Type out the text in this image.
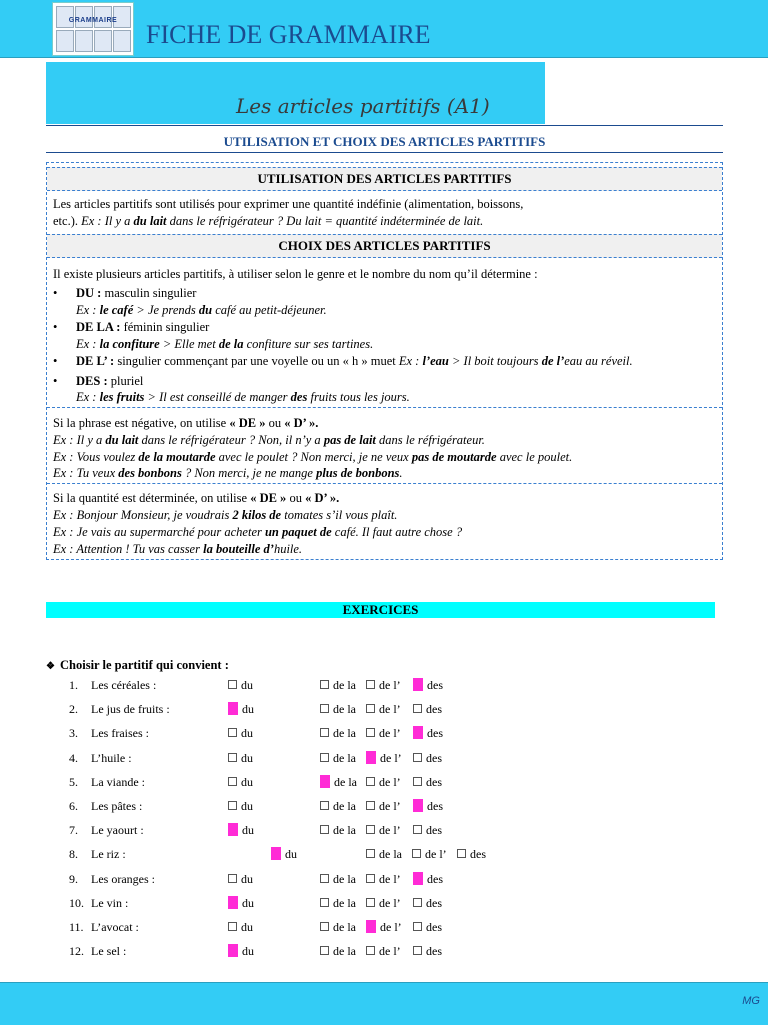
GRAMMAIRE	FICHE DE GRAMMAIRE
Les articles partitifs (A1)
UTILISATION ET CHOIX DES ARTICLES PARTITIFS
UTILISATION DES ARTICLES PARTITIFS
Les articles partitifs sont utilisés pour exprimer une quantité indéfinie (alimentation, boissons,
etc.). Ex : Il y a du lait dans le réfrigérateur ? Du lait = quantité indéterminée de lait.
CHOIX DES ARTICLES PARTITIFS
Il existe plusieurs articles partitifs, à utiliser selon le genre et le nombre du nom qu’il détermine :
• DU : masculin singulier
Ex : le café > Je prends du café au petit-déjeuner.
• DE LA : féminin singulier
Ex : la confiture > Elle met de la confiture sur ses tartines.
• DE L’ : singulier commençant par une voyelle ou un « h » muet Ex : l’eau > Il boit toujours de l’eau au réveil.
• DES : pluriel
Ex : les fruits > Il est conseillé de manger des fruits tous les jours.
Si la phrase est négative, on utilise « DE » ou « D’ ».
Ex : Il y a du lait dans le réfrigérateur ? Non, il n’y a pas de lait dans le réfrigérateur.
Ex : Vous voulez de la moutarde avec le poulet ? Non merci, je ne veux pas de moutarde avec le poulet.
Ex : Tu veux des bonbons ? Non merci, je ne mange plus de bonbons.
Si la quantité est déterminée, on utilise « DE » ou « D’ ».
Ex : Bonjour Monsieur, je voudrais 2 kilos de tomates s’il vous plaît.
Ex : Je vais au supermarché pour acheter un paquet de café. Il faut autre chose ?
Ex : Attention ! Tu vas casser la bouteille d’huile.
EXERCICES
❖ Choisir le partitif qui convient :
1. Les céréales :	du	de la	de l’	des
2. Le jus de fruits :	du	de la	de l’	des
3. Les fraises :	du	de la	de l’	des
4. L’huile :	du	de la	de l’	des
5. La viande :	du	de la	de l’	des
6. Les pâtes :	du	de la	de l’	des
7. Le yaourt :	du	de la	de l’	des
8. Le riz :	du	de la	de l’	des
9. Les oranges :	du	de la	de l’	des
10. Le vin :	du	de la	de l’	des
11. L’avocat :	du	de la	de l’	des
12. Le sel :	du	de la	de l’	des
MG
